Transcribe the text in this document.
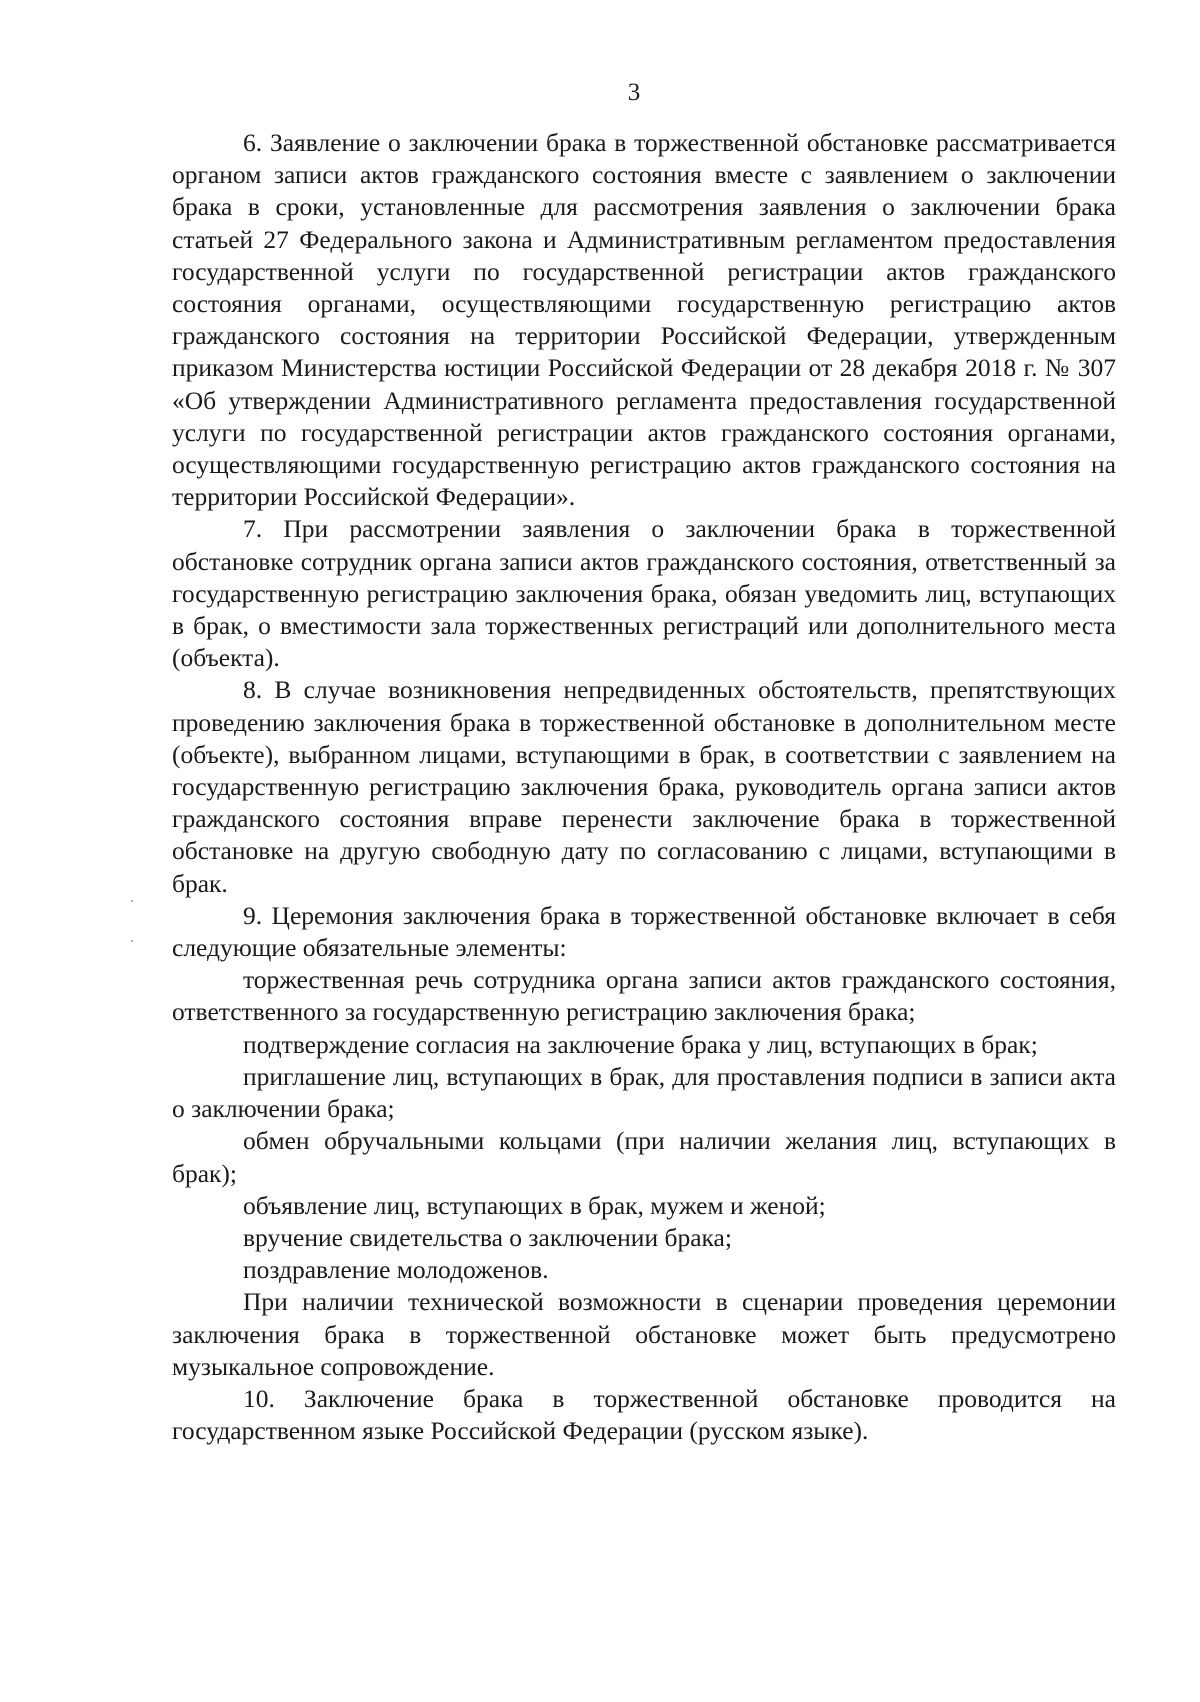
3

6. Заявление о заключении брака в торжественной обстановке рассматривается органом записи актов гражданского состояния вместе с заявлением о заключении брака в сроки, установленные для рассмотрения заявления о заключении брака статьей 27 Федерального закона и Административным регламентом предоставления государственной услуги по государственной регистрации актов гражданского состояния органами, осуществляющими государственную регистрацию актов гражданского состояния на территории Российской Федерации, утвержденным приказом Министерства юстиции Российской Федерации от 28 декабря 2018 г. № 307 «Об утверждении Административного регламента предоставления государственной услуги по государственной регистрации актов гражданского состояния органами, осуществляющими государственную регистрацию актов гражданского состояния на территории Российской Федерации».

7. При рассмотрении заявления о заключении брака в торжественной обстановке сотрудник органа записи актов гражданского состояния, ответственный за государственную регистрацию заключения брака, обязан уведомить лиц, вступающих в брак, о вместимости зала торжественных регистраций или дополнительного места (объекта).

8. В случае возникновения непредвиденных обстоятельств, препятствующих проведению заключения брака в торжественной обстановке в дополнительном месте (объекте), выбранном лицами, вступающими в брак, в соответствии с заявлением на государственную регистрацию заключения брака, руководитель органа записи актов гражданского состояния вправе перенести заключение брака в торжественной обстановке на другую свободную дату по согласованию с лицами, вступающими в брак.

9. Церемония заключения брака в торжественной обстановке включает в себя следующие обязательные элементы:

торжественная речь сотрудника органа записи актов гражданского состояния, ответственного за государственную регистрацию заключения брака;

подтверждение согласия на заключение брака у лиц, вступающих в брак;

приглашение лиц, вступающих в брак, для проставления подписи в записи акта о заключении брака;

обмен обручальными кольцами (при наличии желания лиц, вступающих в брак);

объявление лиц, вступающих в брак, мужем и женой;

вручение свидетельства о заключении брака;

поздравление молодоженов.

При наличии технической возможности в сценарии проведения церемонии заключения брака в торжественной обстановке может быть предусмотрено музыкальное сопровождение.

10. Заключение брака в торжественной обстановке проводится на государственном языке Российской Федерации (русском языке).
